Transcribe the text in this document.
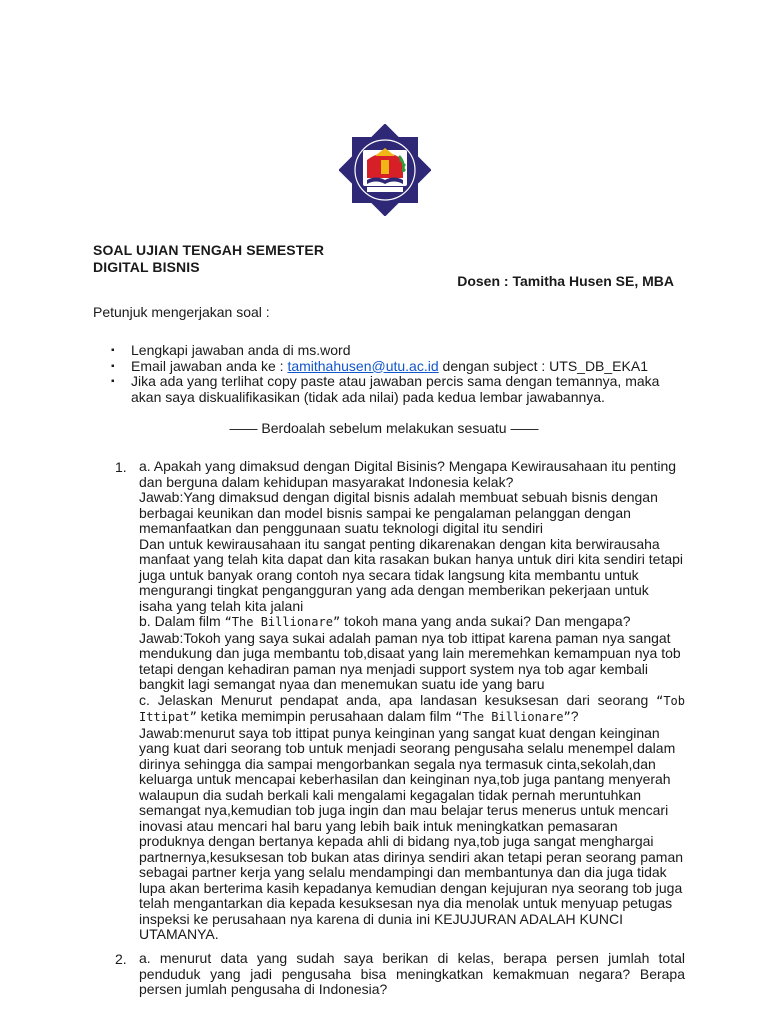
SOAL UJIAN TENGAH SEMESTER
DIGITAL BISNIS
Dosen : Tamitha Husen SE, MBA
Petunjuk mengerjakan soal :
▪ Lengkapi jawaban anda di ms.word
▪ Email jawaban anda ke : tamithahusen@utu.ac.id dengan subject : UTS_DB_EKA1
▪ Jika ada yang terlihat copy paste atau jawaban percis sama dengan temannya, maka akan saya diskualifikasikan (tidak ada nilai) pada kedua lembar jawabannya.
—— Berdoalah sebelum melakukan sesuatu ——
1. a. Apakah yang dimaksud dengan Digital Bisinis? Mengapa Kewirausahaan itu penting dan berguna dalam kehidupan masyarakat Indonesia kelak?

Jawab:Yang dimaksud dengan digital bisnis adalah membuat sebuah bisnis dengan berbagai keunikan dan model bisnis sampai ke pengalaman pelanggan dengan memanfaatkan dan penggunaan suatu teknologi digital itu sendiri

Dan untuk kewirausahaan itu sangat penting dikarenakan dengan kita berwirausaha manfaat yang telah kita dapat dan kita rasakan bukan hanya untuk diri kita sendiri tetapi juga untuk banyak orang contoh nya secara tidak langsung kita membantu untuk mengurangi tingkat pengangguran yang ada dengan memberikan pekerjaan untuk isaha yang telah kita jalani

b. Dalam film “The Billionare” tokoh mana yang anda sukai? Dan mengapa?

Jawab:Tokoh yang saya sukai adalah paman nya tob ittipat karena paman nya sangat mendukung dan juga membantu tob,disaat yang lain meremehkan kemampuan nya tob tetapi dengan kehadiran paman nya menjadi support system nya tob agar kembali bangkit lagi semangat nyaa dan menemukan suatu ide yang baru

c. Jelaskan Menurut pendapat anda, apa landasan kesuksesan dari seorang “Tob Ittipat” ketika memimpin perusahaan dalam film “The Billionare”?

Jawab:menurut saya tob ittipat punya keinginan yang sangat kuat dengan keinginan yang kuat dari seorang tob untuk menjadi seorang pengusaha selalu menempel dalam dirinya sehingga dia sampai mengorbankan segala nya termasuk cinta,sekolah,dan keluarga untuk mencapai keberhasilan dan keinginan nya,tob juga pantang menyerah walaupun dia sudah berkali kali mengalami kegagalan tidak pernah meruntuhkan semangat nya,kemudian tob juga ingin dan mau belajar terus menerus untuk mencari inovasi atau mencari hal baru yang lebih baik intuk meningkatkan pemasaran produknya dengan bertanya kepada ahli di bidang nya,tob juga sangat menghargai partnernya,kesuksesan tob bukan atas dirinya sendiri akan tetapi peran seorang paman sebagai partner kerja yang selalu mendampingi dan membantunya dan dia juga tidak lupa akan berterima kasih kepadanya kemudian dengan kejujuran nya seorang tob juga telah mengantarkan dia kepada kesuksesan nya dia menolak untuk menyuap petugas inspeksi ke perusahaan nya karena di dunia ini KEJUJURAN ADALAH KUNCI UTAMANYA.

2. a. menurut data yang sudah saya berikan di kelas, berapa persen jumlah total penduduk yang jadi pengusaha bisa meningkatkan kemakmuan negara? Berapa persen jumlah pengusaha di Indonesia?
